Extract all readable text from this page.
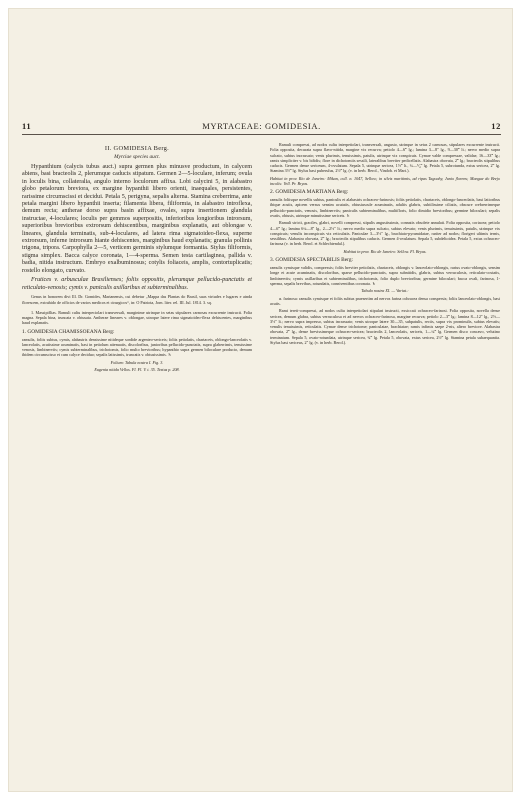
11	MYRTACEAE: GOMIDESIA.	12
II. GOMIDESIA Berg.
Myrciae species auct.

Hypanthium (calycis tubus auct.) supra germen plus minusve productum, in calycem abiens, basi bracteolis 2, plerumque caducis stipatum. Germen 2—5-loculare, inferum; ovula in loculis bina, collateralia, angulo interno loculorum affixa. Lobi calycini 5, in alabastro globo petalorum breviora, ex margine hypanthii libero orienti, inaequales, persistentes, rarissime circumscissi et decidui. Petala 5, perigyna, sepalis alterna. Stamina creberrima, ante petala margini libero hypanthii inserta; filamenta libera, filiformia, in alabastro introflexa, demum recta; antherae dorso supra basin affixae, ovales, supra insertionem glandula instructae, 4-loculares; loculis per gemmos superpositis, inferioribus longioribus introrsum, superioribus brevioribus extrorsum dehiscentibus, marginibus explanatis, aut oblongae v. lineares, glandula terminatis, sub-4-loculares, ad latera rima sigmatoideo-flexa, superne extrorsum, inferne introrsum hiante dehiscentes, marginibus haud explanatis; granula pollinis trigona, tripora. Carpophylla 2—5, verticem germinis stylumque formantia. Stylus filiformis, stigma simplex. Bacca calyce coronata, 1—4-sperma. Semen testa cartilaginea, pallida v. badia, nitida instructum. Embryo exalbuminosus; cotylis foliaceis, amplis, contortuplicatis; rostello elongato, curvato.

Frutices v. arbusculae Brasilienses; foliis oppositis, plerumque pellucido-punctatis et reticulato-venosis; cymis v. paniculis axillaribus et subterminalibus.

Genus in honorem divi Ill. Dr. Gomides, Marianensis, cui debetur „Mappa das Plantas do Brasil, suas virtudes e lugares e ainda florescem, extrahido de officios de varios medicos et cirurgicos“, in: O Patriota, Jorn. liter. rel. III. Jul. 1814. 3. sq.

1. Massipiflias. Ramuli cultu interpeciolari transversali, marginime utrinque in setas stipulares carnosas excurrente instructi. Folia magna. Sepala bina, truncata v. obtusata. Antherae lineares v. oblongae, utroque latere rima sigmatoideo-flexa dehiscentes, marginibus haud explanatis.

1. GOMIDESIA CHAMISSOEANA Berg:

ramulis, foliis subtus, cymis, alabastris densissime nitideque sordide argenteo-sericeis; foliis petiolatis, chartaceis, oblongo-lanceolatis v. lanceolatis, acutissime acuminatis, basi in petiolum attenuatis, discoloribus, junioribus pellucido-punctatis, supra glaberrimis, tenuissime venosis, limbinerviis; cymis subterminalibus, trichotomis, folio multo brevioribus; hypanthio supra germen biloculare producto, demum ibidem circumscisso et cum calyce deciduo; sepalis latissimis, truncatis v. obtusissimis. ♄

Folium: Tabula nostra I. Fig. 3.

Eugenia nitida Vellos. Fl. Fl. V. t. 35. Textus p. 208.

Ramuli compressi, ad nodos cultu interpetiolari, transversali, angusto, utrinque in setas 2 carnosas, stipulares excurrente instructi. Folia opposita, decurata supra flavo-nitida, margine vix recurva; petiolo 4—6‴ lg.; lamina 3—8″ lg., 9—30‴ lt.; nervo medio supra sulcato, subtus incrassato; venis plurimis, tenuissimis, patulis, utrinque vix conspicuis. Cymae valde compressae, validae, 16—33‴ lg.; ramis simpliciter v. bis bifidis; flore in dichotomiis sessili, lateralibus breviter pedicellatis. Alabastra obovata, 2‴ lg.; bracteolis stipulibus caducis. Germen dense sericeum, 4-ovulatum. Sepala 5, utrinque sericea, 1½‴ lt., ¾—⁵⁄₄‴ lg. Petala 5, subrotunda, extus sericea, 2‴ lg. Stamina 3½‴ lg. Stylus basi puberulus, 2½‴ lg. (v. in herb. Berol., Vindob. et Mart.).

Habitat in prov. Rio de Janeiro: Mikan, coll. n. 1047, Sellow; in silvis maritimis, ad ripas Tagoahy, Junio florens; Mangue do Brejo incolis: Vell. Pr. Bryas.

2. GOMIDESIA MARTIANA Berg:

ramulis foliisque novellis subtus, paniculis et alabastris ochraceo-farinosis; foliis petiolatis, chartaceis, oblongo-lanceolatis, basi latioribus ibique acutis, apicem versus sensim acutatis, obtusiuscule acuminatis, adultis glabris, subtilissime ciliatis, obscure crebrerrimeque pellucido-punctatis, venosis, limbinerviis; paniculis subterminalibus, multifloris, folio dimidio brevioribus; germine biloculari; sepalis ovatis, obtusis, utrinque minutissime sericeis. ♄

Ramuli stricti, graciles, glabri, novelli compressi, stipulis angustissimis, connatis obsolete annulati. Folia opposita, coriacea; petiolo 4—6‴ lg.; lamina 6¼—8″ lg., 2—2½″ lt.; nervo medio supra sulcato, subtus elevato; venis plurimis, tenuissimis, patulis, utrinque vix conspicuis; venulis inconspicuis vix reticulatis. Paniculae 3—3½″ lg., brachiato-pyramidatae, rariter ad nodos; florigeri ultimis ternis, sessilibus. Alabastra obovata, 2‴ lg.; bracteolis stipulibus caducis. Germen 4-ovulatum. Sepala 5, subdeltoidea. Petala 5, extus ochraceo-farinosa (v. in herb. Berol. et Schlechtendal.).

Habitat in prov. Rio de Janeiro: Sellow. Fl. Bryas.

3. GOMIDESIA SPECTABILIS Berg:

ramulis cymisque validis, compressis; foliis breviter petiolatis, chartaceis, oblongis v. lanceolato-oblongis, rarius ovato-oblongis, sensim longe et acute acuminatis, discoloribus, sparse pellucido-punctatis, supra subnitidis, glabris, subtus verruculosis, reticulato-costatis, limbinerviis; cymis axillaribus et subterminalibus, trichotomis, folio duplo brevioribus; germine biloculari; bacca ovali, farinosa, 1-sperma, sepalis brevibus, rotundatis, conniventibus coronata. ♄

Tabula nostra XI. — Variat.:

α. farinosa: ramulis cymisque et foliis subtus praesertim ad nervos farina ochracea densa conspersis; foliis lanceolato-oblongis, basi acutis.

Rami tereti-compressi, ad nodos cultu interpetiolari stipulari instructi, exsiccati ochraceo-farinosi. Folia opposita, novella dense sericea, demum glabra, subtus verruculosa et ad nervos ochraceo-farinosa, margine recurva; petiolo 2—3‴ lg.; lamina 8—12″ lg., 2½—3½″ lt.; nervo supra impresso, subtus incrassato; venis utroque latere 30—35, subpatulis, rectis, supra vix prominulis, subtus elevatis; venulis tenuissimis, reticulatis. Cymae dense trichotome; paniculatae, brachiatae; ramis infimis saepe 2-nis, altero breviore. Alabastra obovata, 2‴ lg., dense brevissimeque ochraceo-sericea; bracteolis 2, lanceolatis, sericeis, 1—¼‴ lg. Germen disco concavo, velutino terminatum. Sepala 5, ovato-rotundata, utrinque sericea, ¾‴ lg. Petala 5, obovata, extus sericea, 2½‴ lg. Stamina petala subaequantia. Stylus basi sericeus, 2″ lg. (v. in herb. Berol.).
